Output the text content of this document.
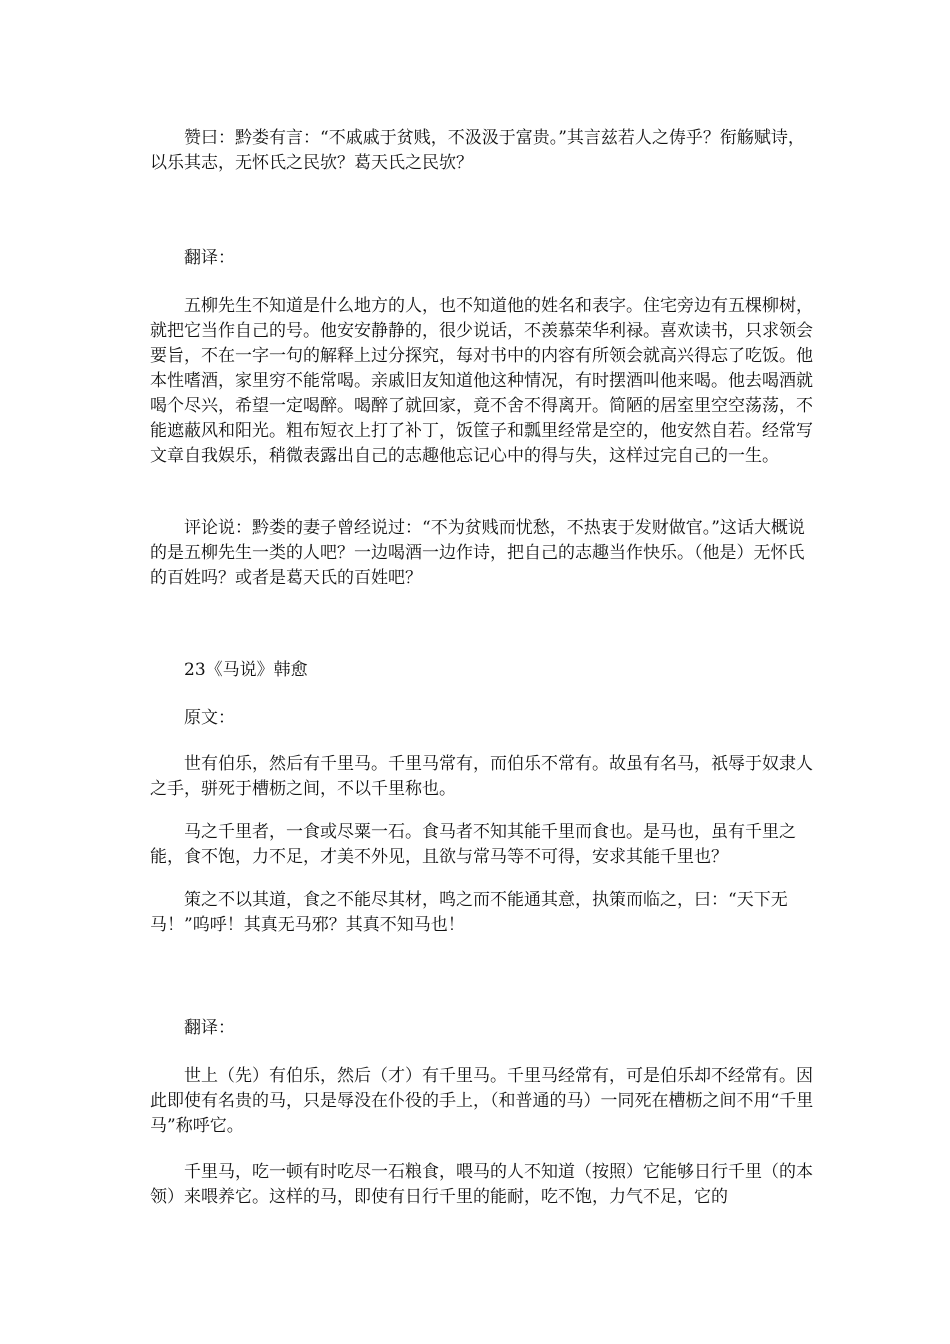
赞曰：黔娄有言：“不戚戚于贫贱，不汲汲于富贵。”其言兹若人之俦乎？衔觞赋诗，以乐其志，无怀氏之民欤？葛天氏之民欤？
翻译：
五柳先生不知道是什么地方的人，也不知道他的姓名和表字。住宅旁边有五棵柳树，就把它当作自己的号。他安安静静的，很少说话，不羡慕荣华利禄。喜欢读书，只求领会要旨，不在一字一句的解释上过分探究，每对书中的内容有所领会就高兴得忘了吃饭。他本性嗜酒，家里穷不能常喝。亲戚旧友知道他这种情况，有时摆酒叫他来喝。他去喝酒就喝个尽兴，希望一定喝醉。喝醉了就回家，竟不舍不得离开。简陋的居室里空空荡荡，不能遮蔽风和阳光。粗布短衣上打了补丁，饭筐子和瓢里经常是空的，他安然自若。经常写文章自我娱乐，稍微表露出自己的志趣他忘记心中的得与失，这样过完自己的一生。
评论说：黔娄的妻子曾经说过：“不为贫贱而忧愁，不热衷于发财做官。”这话大概说的是五柳先生一类的人吧？一边喝酒一边作诗，把自己的志趣当作快乐。（他是）无怀氏的百姓吗？或者是葛天氏的百姓吧？
23《马说》韩愈
原文：
世有伯乐，然后有千里马。千里马常有，而伯乐不常有。故虽有名马，祇辱于奴隶人之手，骈死于槽枥之间，不以千里称也。
马之千里者，一食或尽粟一石。食马者不知其能千里而食也。是马也，虽有千里之能，食不饱，力不足，才美不外见，且欲与常马等不可得，安求其能千里也？
策之不以其道，食之不能尽其材，鸣之而不能通其意，执策而临之，曰：“天下无马！”呜呼！其真无马邪？其真不知马也！
翻译：
世上（先）有伯乐，然后（才）有千里马。千里马经常有，可是伯乐却不经常有。因此即使有名贵的马，只是辱没在仆役的手上，（和普通的马）一同死在槽枥之间不用“千里马”称呼它。
千里马，吃一顿有时吃尽一石粮食，喂马的人不知道（按照）它能够日行千里（的本领）来喂养它。这样的马，即使有日行千里的能耐，吃不饱，力气不足，它的
